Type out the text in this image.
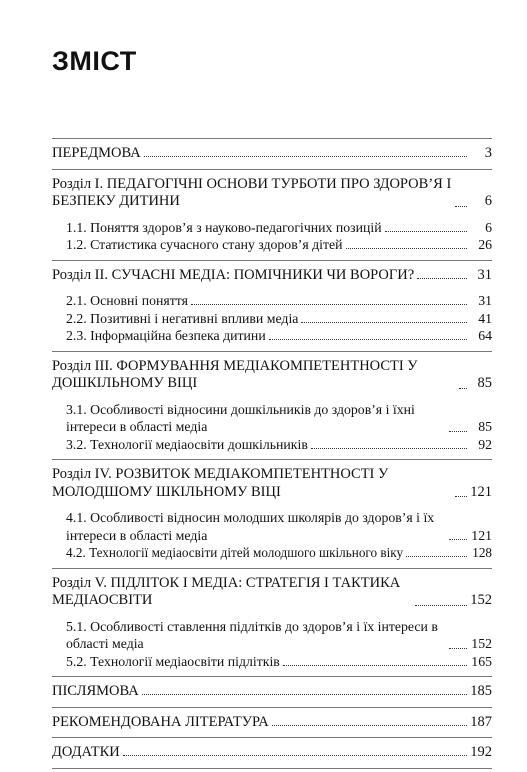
ЗМІСТ
ПЕРЕДМОВА	3
Розділ І. ПЕДАГОГІЧНІ ОСНОВИ ТУРБОТИ ПРО ЗДОРОВ’Я І БЕЗПЕКУ ДИТИНИ	6
1.1. Поняття здоров’я з науково-педагогічних позицій	6
1.2. Статистика сучасного стану здоров’я дітей	26
Розділ ІІ. СУЧАСНІ МЕДІА: ПОМІЧНИКИ ЧИ ВОРОГИ?	31
2.1. Основні поняття	31
2.2. Позитивні і негативні впливи медіа	41
2.3. Інформаційна безпека дитини	64
Розділ ІІІ. ФОРМУВАННЯ МЕДІАКОМПЕТЕНТНОСТІ У ДОШКІЛЬНОМУ ВІЦІ	85
3.1. Особливості відносини дошкільників до здоров’я і їхні інтереси в області медіа	85
3.2. Технології медіаосвіти дошкільників	92
Розділ IV. РОЗВИТОК МЕДІАКОМПЕТЕНТНОСТІ У МОЛОДШОМУ ШКІЛЬНОМУ ВІЦІ	121
4.1. Особливості відносин молодших школярів до здоров’я і їх інтереси в області медіа	121
4.2. Технології медіаосвіти дітей молодшого шкільного віку	128
Розділ V. ПІДЛІТОК І МЕДІА: СТРАТЕГІЯ І ТАКТИКА МЕДІАОСВІТИ	152
5.1. Особливості ставлення підлітків до здоров’я і їх інтереси в області медіа	152
5.2. Технології медіаосвіти підлітків	165
ПІСЛЯМОВА	185
РЕКОМЕНДОВАНА ЛІТЕРАТУРА	187
ДОДАТКИ	192
